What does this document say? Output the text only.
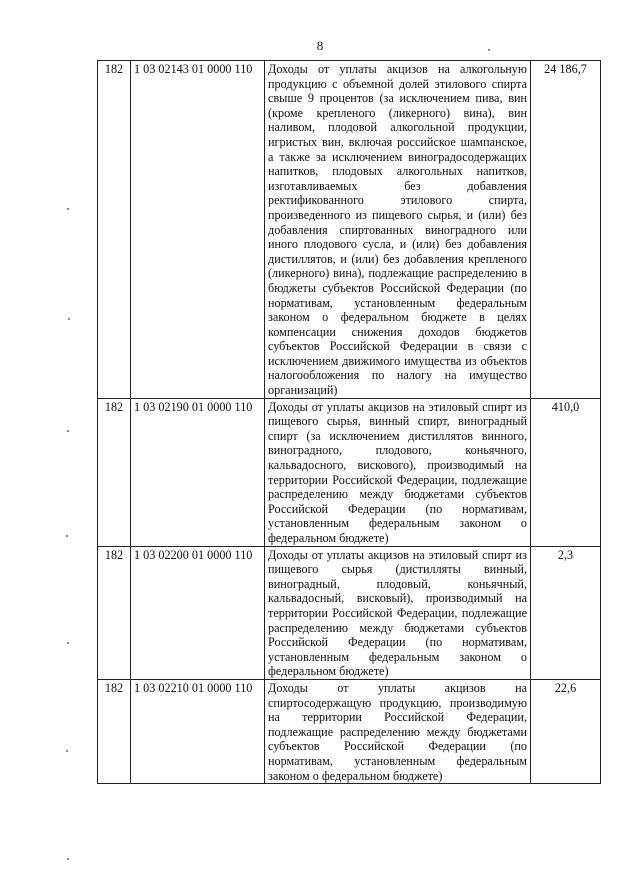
8
182	1 03 02143 01 0000 110	Доходы от уплаты акцизов на алкогольную продукцию с объемной долей этилового спирта свыше 9 процентов (за исключением пива, вин (кроме крепленого (ликерного) вина), вин наливом, плодовой алкогольной продукции, игристых вин, включая российское шампанское, а также за исключением виноградосодержащих напитков, плодовых алкогольных напитков, изготавливаемых без добавления ректификованного этилового спирта, произведенного из пищевого сырья, и (или) без добавления спиртованных виноградного или иного плодового сусла, и (или) без добавления дистиллятов, и (или) без добавления крепленого (ликерного) вина), подлежащие распределению в бюджеты субъектов Российской Федерации (по нормативам, установленным федеральным законом о федеральном бюджете в целях компенсации снижения доходов бюджетов субъектов Российской Федерации в связи с исключением движимого имущества из объектов налогообложения по налогу на имущество организаций)	24 186,7
182	1 03 02190 01 0000 110	Доходы от уплаты акцизов на этиловый спирт из пищевого сырья, винный спирт, виноградный спирт (за исключением дистиллятов винного, виноградного, плодового, коньячного, кальвадосного, вискового), производимый на территории Российской Федерации, подлежащие распределению между бюджетами субъектов Российской Федерации (по нормативам, установленным федеральным законом о федеральном бюджете)	410,0
182	1 03 02200 01 0000 110	Доходы от уплаты акцизов на этиловый спирт из пищевого сырья (дистилляты винный, виноградный, плодовый, коньячный, кальвадосный, висковый), производимый на территории Российской Федерации, подлежащие распределению между бюджетами субъектов Российской Федерации (по нормативам, установленным федеральным законом о федеральном бюджете)	2,3
182	1 03 02210 01 0000 110	Доходы от уплаты акцизов на спиртосодержащую продукцию, производимую на территории Российской Федерации, подлежащие распределению между бюджетами субъектов Российской Федерации (по нормативам, установленным федеральным законом о федеральном бюджете)	22,6
